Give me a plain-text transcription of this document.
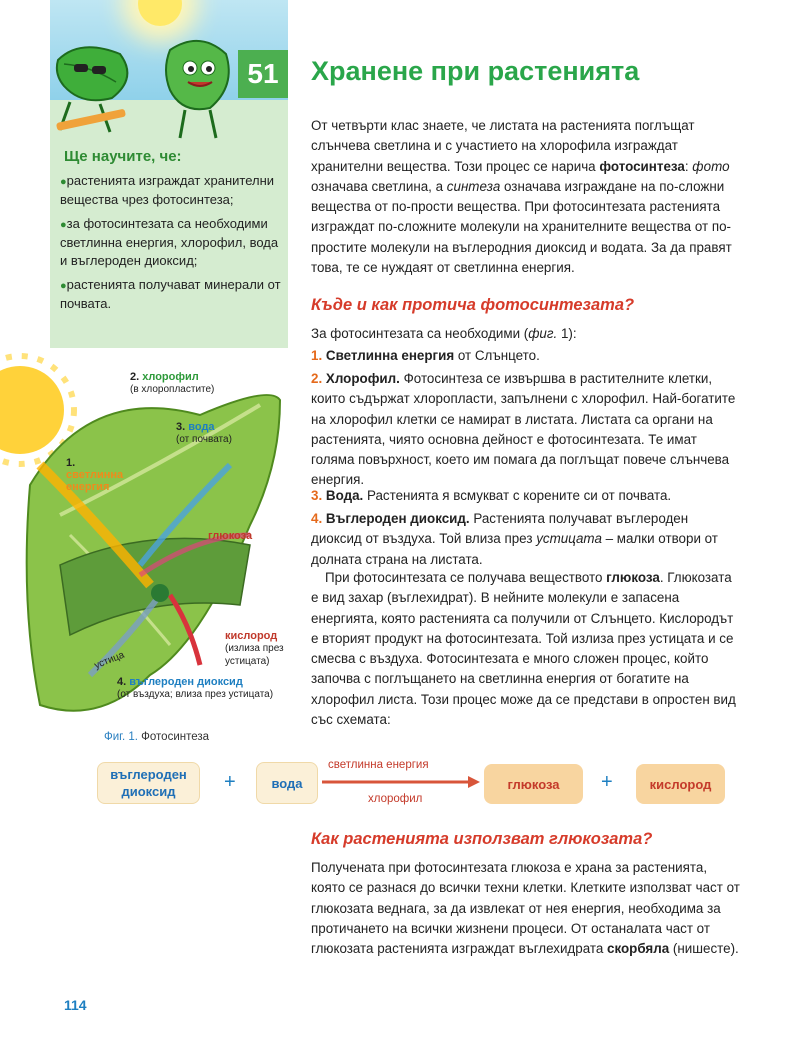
Ще научите, че:
●растенията изграждат хранителни вещества чрез фотосинтеза;
●за фотосинтезата са необходими светлинна енергия, хлорофил, вода и въглероден диоксид;
●растенията получават минерали от почвата.
51	Хранене при растенията
От четвърти клас знаете, че листата на растенията поглъщат слънчева светлина и с участието на хлорофила изграждат хранителни вещества. Този процес се нарича фотосинтеза: фото означава светлина, а синтеза означава изграждане на по-сложни вещества от по-прости вещества. При фотосинтезата растенията изграждат по-сложните молекули на хранителните вещества от по-простите молекули на въглеродния диоксид и водата. За да правят това, те се нуждаят от светлинна енергия.
Къде и как протича фотосинтезата?
За фотосинтезата са необходими (фиг. 1):
1. Светлинна енергия от Слънцето.
2. Хлорофил. Фотосинтеза се извършва в растителните клетки, които съдържат хлоропласти, запълнени с хлорофил. Най-богатите на хлорофил клетки се намират в листата. Листата са органи на растенията, чиято основна дейност е фотосинтезата. Те имат голяма повърхност, което им помага да поглъщат повече слънчева енергия.
3. Вода. Растенията я всмукват с корените си от почвата.
4. Въглероден диоксид. Растенията получават въглероден диоксид от въздуха. Той влиза през устицата – малки отвори от долната страна на листата.
При фотосинтезата се получава веществото глюкоза. Глюкозата е вид захар (въглехидрат). В нейните молекули е запасена енергията, която растенията са получили от Слънцето. Кислородът е вторият продукт на фотосинтезата. Той излиза през устицата и се смесва с въздуха. Фотосинтезата е много сложен процес, който започва с поглъщането на светлинна енергия от богатите на хлорофил листа. Този процес може да се представи в опростен вид със схемата:
2. хлорофил
(в хлоропластите)
3. вода
(от почвата)
1.
светлинна
енергия
глюкоза
кислород
(излиза през
устицата)
устица
4. въглероден диоксид
(от въздуха; влиза през устицата)
Фиг. 1. Фотосинтеза
въглероден
диоксид	+	вода
светлинна енергия
хлорофил
глюкоза	+	кислород
Как растенията използват глюкозата?
Получената при фотосинтезата глюкоза е храна за растенията, която се разнася до всички техни клетки. Клетките използват част от глюкозата веднага, за да извлекат от нея енергия, необходима за протичането на всички жизнени процеси. От останалата част от глюкозата растенията изграждат въглехидрата скорбяла (нишесте).
114
